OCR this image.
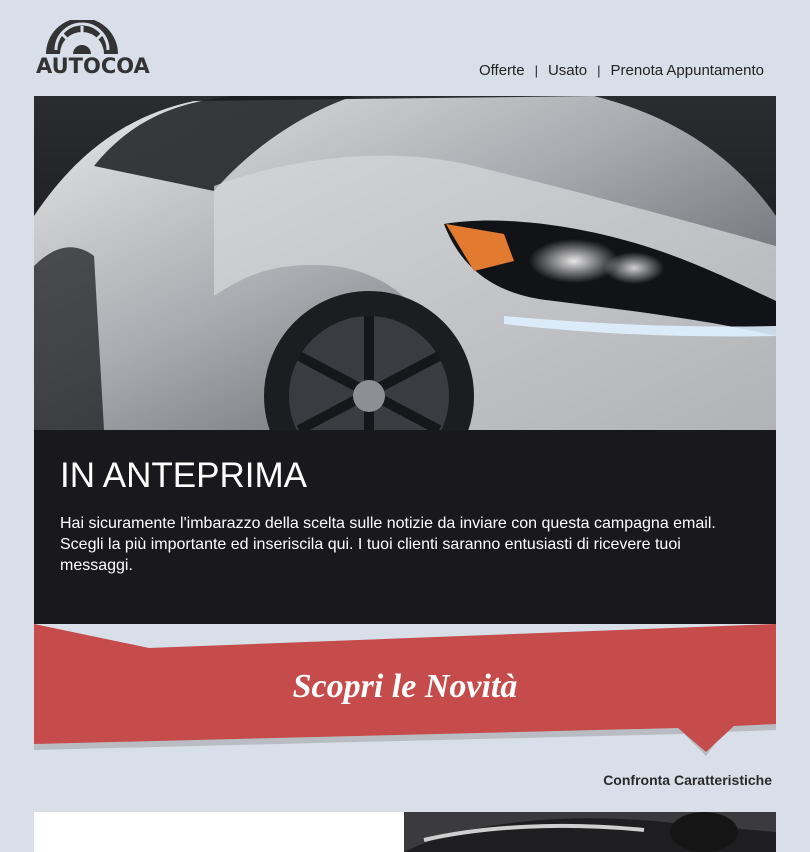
AUTOCOA	Offerte | Usato | Prenota Appuntamento
IN ANTEPRIMA

Hai sicuramente l'imbarazzo della scelta sulle notizie da inviare con questa campagna email. Scegli la più importante ed inseriscila qui. I tuoi clienti saranno entusiasti di ricevere tuoi messaggi.

Scopri le Novità
Confronta Caratteristiche
